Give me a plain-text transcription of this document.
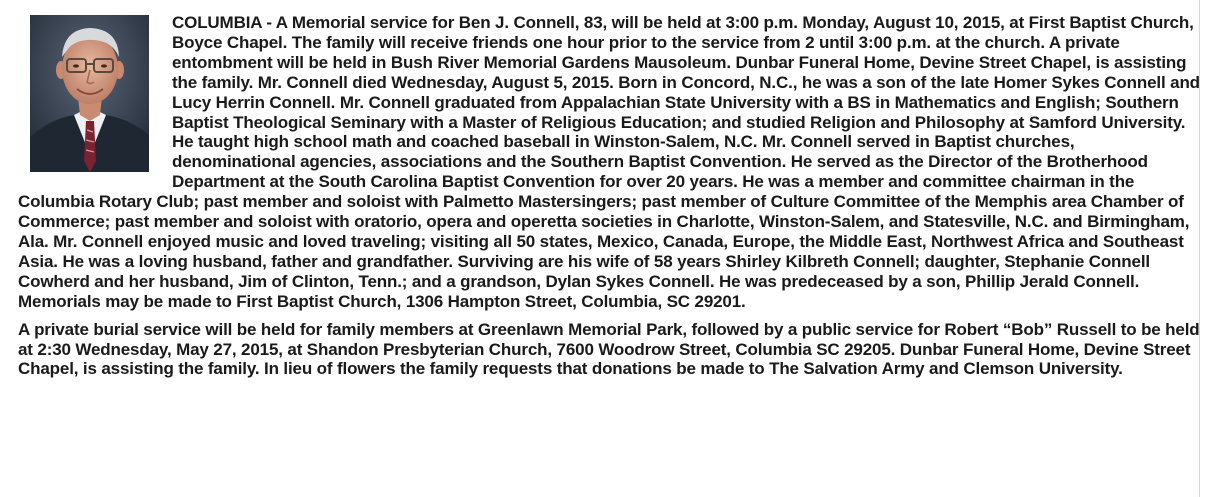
COLUMBIA - A Memorial service for Ben J. Connell, 83, will be held at 3:00 p.m. Monday, August 10, 2015, at First Baptist Church, Boyce Chapel. The family will receive friends one hour prior to the service from 2 until 3:00 p.m. at the church. A private entombment will be held in Bush River Memorial Gardens Mausoleum. Dunbar Funeral Home, Devine Street Chapel, is assisting the family. Mr. Connell died Wednesday, August 5, 2015. Born in Concord, N.C., he was a son of the late Homer Sykes Connell and Lucy Herrin Connell. Mr. Connell graduated from Appalachian State University with a BS in Mathematics and English; Southern Baptist Theological Seminary with a Master of Religious Education; and studied Religion and Philosophy at Samford University. He taught high school math and coached baseball in Winston-Salem, N.C. Mr. Connell served in Baptist churches, denominational agencies, associations and the Southern Baptist Convention. He served as the Director of the Brotherhood Department at the South Carolina Baptist Convention for over 20 years. He was a member and committee chairman in the Columbia Rotary Club; past member and soloist with Palmetto Mastersingers; past member of Culture Committee of the Memphis area Chamber of Commerce; past member and soloist with oratorio, opera and operetta societies in Charlotte, Winston-Salem, and Statesville, N.C. and Birmingham, Ala. Mr. Connell enjoyed music and loved traveling; visiting all 50 states, Mexico, Canada, Europe, the Middle East, Northwest Africa and Southeast Asia. He was a loving husband, father and grandfather. Surviving are his wife of 58 years Shirley Kilbreth Connell; daughter, Stephanie Connell Cowherd and her husband, Jim of Clinton, Tenn.; and a grandson, Dylan Sykes Connell. He was predeceased by a son, Phillip Jerald Connell. Memorials may be made to First Baptist Church, 1306 Hampton Street, Columbia, SC 29201.

A private burial service will be held for family members at Greenlawn Memorial Park, followed by a public service for Robert “Bob” Russell to be held at 2:30 Wednesday, May 27, 2015, at Shandon Presbyterian Church, 7600 Woodrow Street, Columbia SC 29205. Dunbar Funeral Home, Devine Street Chapel, is assisting the family. In lieu of flowers the family requests that donations be made to The Salvation Army and Clemson University.
